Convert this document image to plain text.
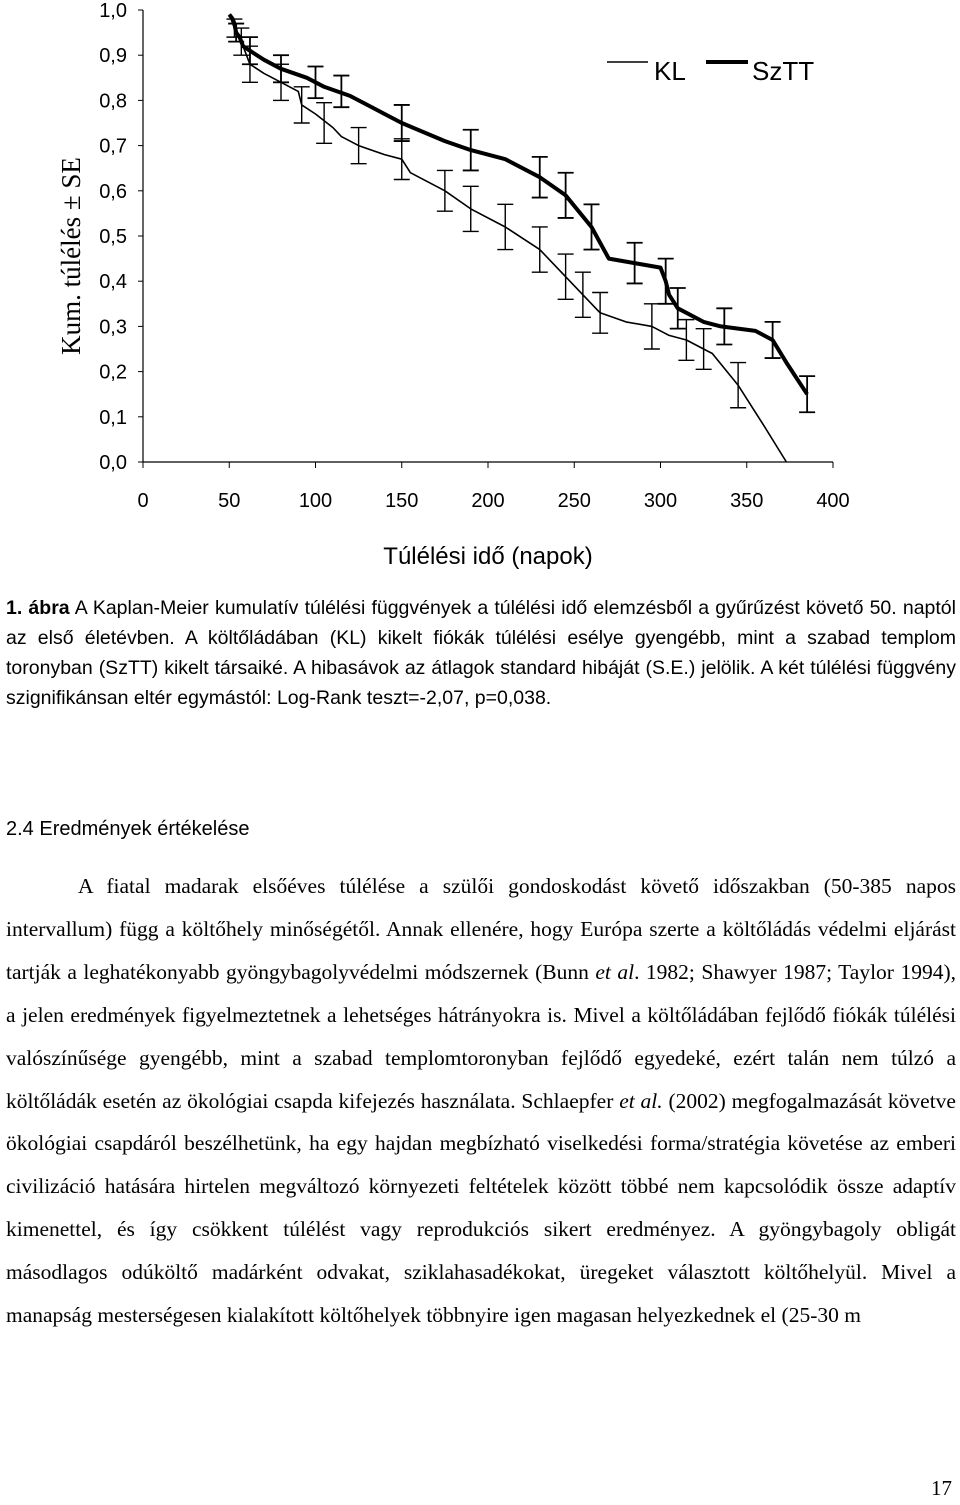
0,0
0,1
0,2
0,3
0,4
0,5
0,6
0,7
0,8
0,9
1,0
0	50	100	150	200	250	300	350	400
Túlélési idő (napok)
Kum. túlélés ± SE
KL	SzTT

1. ábra A Kaplan-Meier kumulatív túlélési függvények a túlélési idő elemzésből a gyűrűzést követő 50. naptól az első életévben. A költőládában (KL) kikelt fiókák túlélési esélye gyengébb, mint a szabad templom toronyban (SzTT) kikelt társaiké. A hibasávok az átlagok standard hibáját (S.E.) jelölik. A két túlélési függvény szignifikánsan eltér egymástól: Log-Rank teszt=-2,07, p=0,038.

2.4 Eredmények értékelése

A fiatal madarak elsőéves túlélése a szülői gondoskodást követő időszakban (50-385 napos intervallum) függ a költőhely minőségétől. Annak ellenére, hogy Európa szerte a költőládás védelmi eljárást tartják a leghatékonyabb gyöngybagolyvédelmi módszernek (Bunn et al. 1982; Shawyer 1987; Taylor 1994), a jelen eredmények figyelmeztetnek a lehetséges hátrányokra is. Mivel a költőládában fejlődő fiókák túlélési valószínűsége gyengébb, mint a szabad templomtoronyban fejlődő egyedeké, ezért talán nem túlzó a költőládák esetén az ökológiai csapda kifejezés használata. Schlaepfer et al. (2002) megfogalmazását követve ökológiai csapdáról beszélhetünk, ha egy hajdan megbízható viselkedési forma/stratégia követése az emberi civilizáció hatására hirtelen megváltozó környezeti feltételek között többé nem kapcsolódik össze adaptív kimenettel, és így csökkent túlélést vagy reprodukciós sikert eredményez. A gyöngybagoly obligát másodlagos odúköltő madárként odvakat, sziklahasadékokat, üregeket választott költőhelyül. Mivel a manapság mesterségesen kialakított költőhelyek többnyire igen magasan helyezkednek el (25-30 m

17
